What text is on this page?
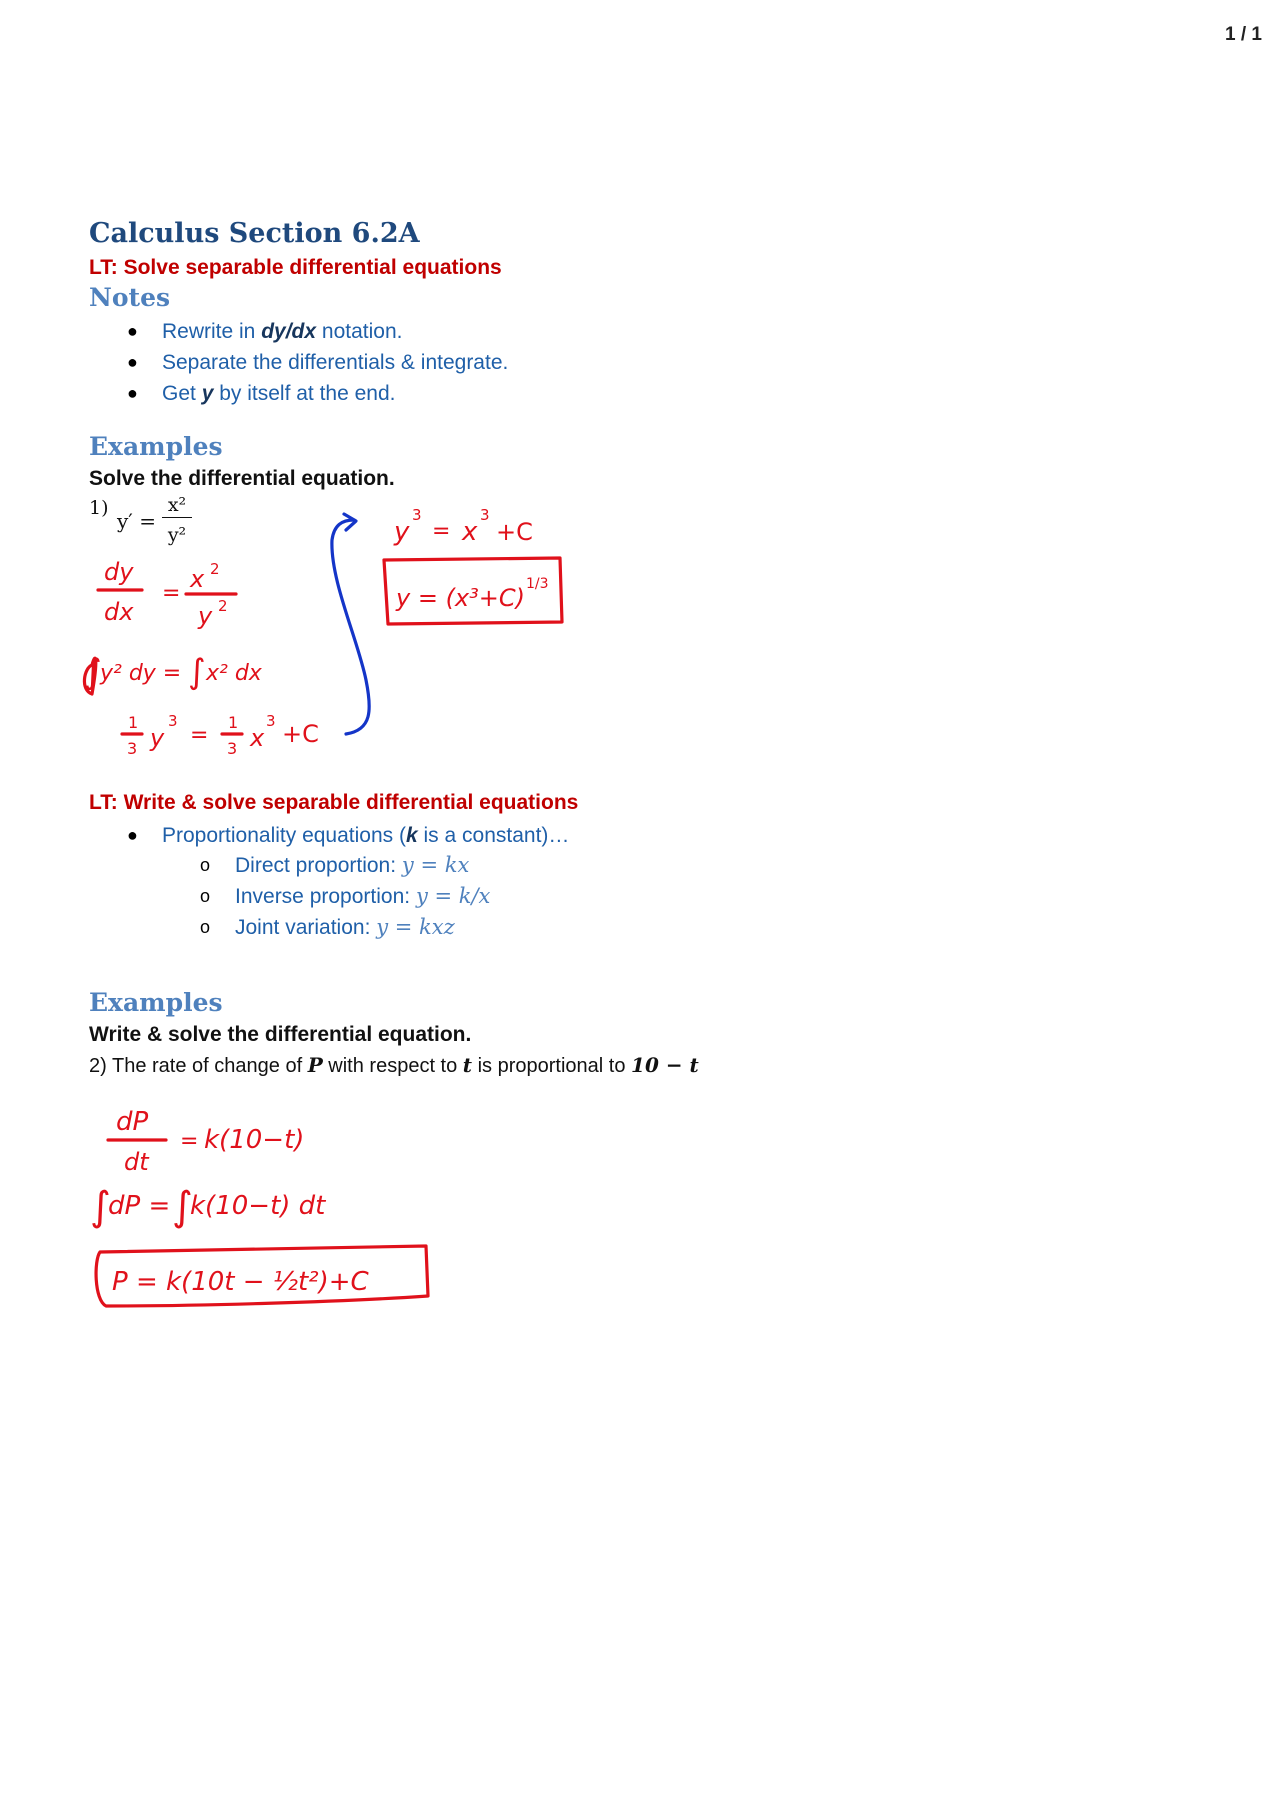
1 / 1
Calculus Section 6.2A
LT: Solve separable differential equations
Notes
● Rewrite in dy/dx notation.
● Separate the differentials & integrate.
● Get y by itself at the end.
Examples
Solve the differential equation.
1)
y′ =
x²
y²
dy
dx
=
x 2
y 2
∫
y² dy = ∫ x² dx
1
3 y
3
=
1
3 x
3 +C
y
3
= x
3
+C
y = (x³+C) 1/3
dP
dt
= k(10−t)
∫
dP = ∫
k(10−t) dt
P = k(10t − ½t²)+C
LT: Write & solve separable differential equations
● Proportionality equations (k is a constant)…
o Direct proportion: y = kx
o Inverse proportion: y = k/x
o Joint variation: y = kxz
Examples
Write & solve the differential equation.
2) The rate of change of P with respect to t is proportional to 10 − t
